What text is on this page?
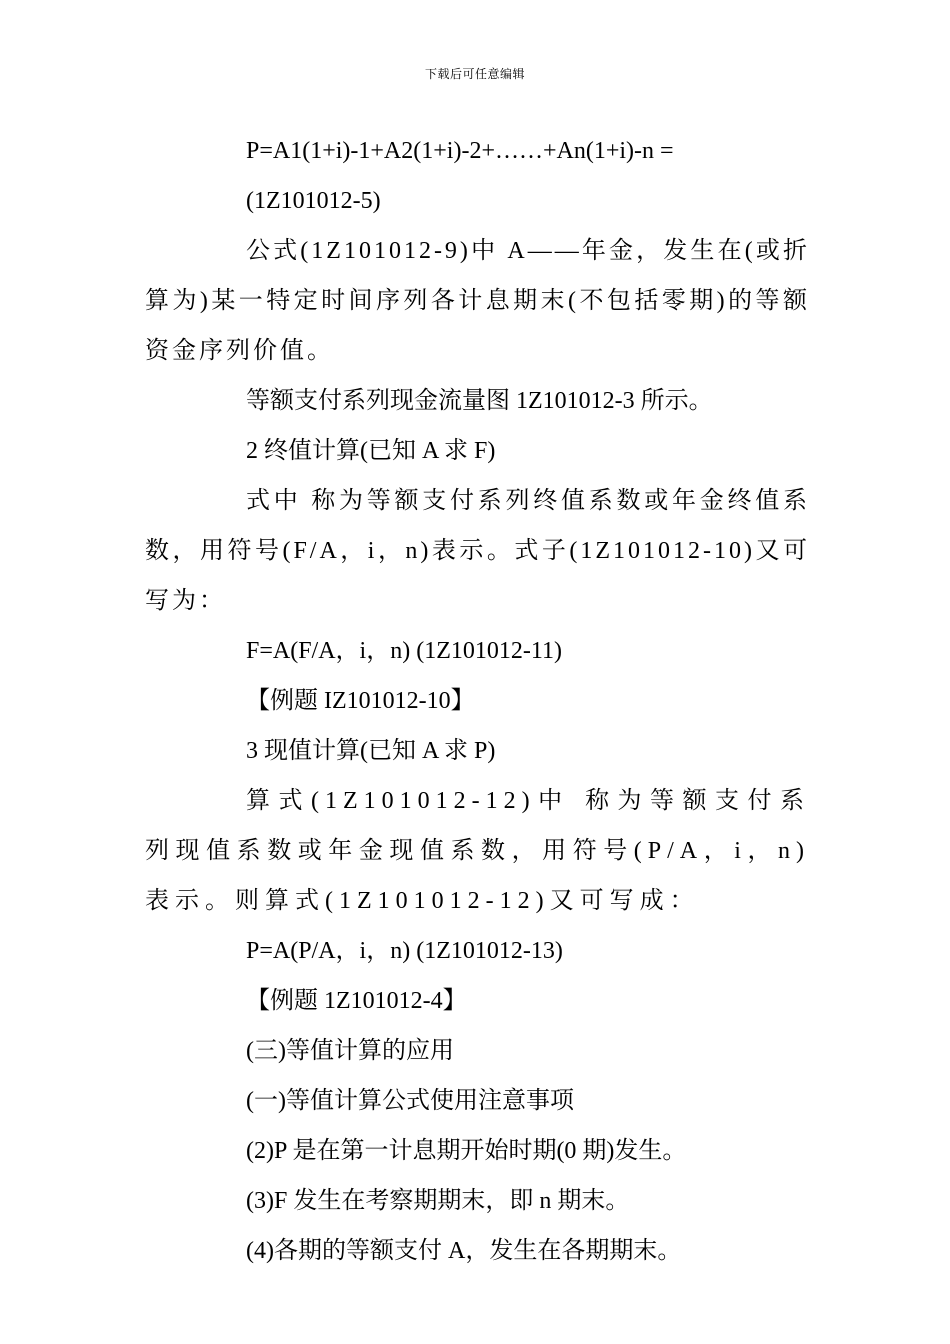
下载后可任意编辑

P=A1(1+i)-1+A2(1+i)-2+……+An(1+i)-n =

(1Z101012-5)

公式(1Z101012-9)中 A——年金，发生在(或折算为)某一特定时间序列各计息期末(不包括零期)的等额资金序列价值。

等额支付系列现金流量图 1Z101012-3 所示。

2 终值计算(已知 A 求 F)

式中 称为等额支付系列终值系数或年金终值系数，用符号(F/A，i，n)表示。式子(1Z101012-10)又可写为：

F=A(F/A，i，n) (1Z101012-11)

【例题 IZ101012-10】

3 现值计算(已知 A 求 P)

算式(1Z101012-12)中 称为等额支付系列现值系数或年金现值系数，用符号(P/A，i，n)表示。则算式(1Z101012-12)又可写成：

P=A(P/A，i，n) (1Z101012-13)

【例题 1Z101012-4】

(三)等值计算的应用

(一)等值计算公式使用注意事项

(2)P 是在第一计息期开始时期(0 期)发生。

(3)F 发生在考察期期末，即 n 期末。

(4)各期的等额支付 A，发生在各期期末。
